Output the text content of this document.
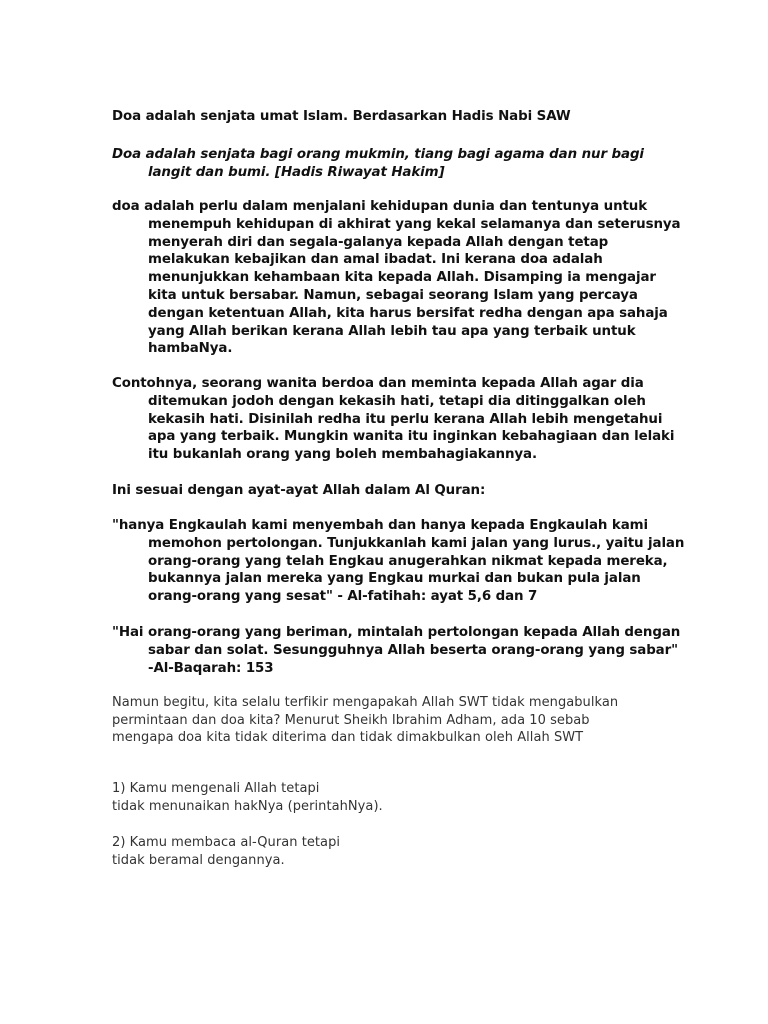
Doa adalah senjata umat Islam. Berdasarkan Hadis Nabi SAW

Doa adalah senjata bagi orang mukmin, tiang bagi agama dan nur bagi langit dan bumi. [Hadis Riwayat Hakim]

doa adalah perlu dalam menjalani kehidupan dunia dan tentunya untuk menempuh kehidupan di akhirat yang kekal selamanya dan seterusnya menyerah diri dan segala-galanya kepada Allah dengan tetap melakukan kebajikan dan amal ibadat. Ini kerana doa adalah menunjukkan kehambaan kita kepada Allah. Disamping ia mengajar kita untuk bersabar. Namun, sebagai seorang Islam yang percaya dengan ketentuan Allah, kita harus bersifat redha dengan apa sahaja yang Allah berikan kerana Allah lebih tau apa yang terbaik untuk hambaNya.

Contohnya, seorang wanita berdoa dan meminta kepada Allah agar dia ditemukan jodoh dengan kekasih hati, tetapi dia ditinggalkan oleh kekasih hati. Disinilah redha itu perlu kerana Allah lebih mengetahui apa yang terbaik. Mungkin wanita itu inginkan kebahagiaan dan lelaki itu bukanlah orang yang boleh membahagiakannya.

Ini sesuai dengan ayat-ayat Allah dalam Al Quran:

"hanya Engkaulah kami menyembah dan hanya kepada Engkaulah kami memohon pertolongan. Tunjukkanlah kami jalan yang lurus., yaitu jalan orang-orang yang telah Engkau anugerahkan nikmat kepada mereka, bukannya jalan mereka yang Engkau murkai dan bukan pula jalan orang-orang yang sesat" - Al-fatihah: ayat 5,6 dan 7

"Hai orang-orang yang beriman, mintalah pertolongan kepada Allah dengan sabar dan solat. Sesungguhnya Allah beserta orang-orang yang sabar" -Al-Baqarah: 153

Namun begitu, kita selalu terfikir mengapakah Allah SWT tidak mengabulkan
permintaan dan doa kita? Menurut Sheikh Ibrahim Adham, ada 10 sebab
mengapa doa kita tidak diterima dan tidak dimakbulkan oleh Allah SWT

1) Kamu mengenali Allah tetapi
tidak menunaikan hakNya (perintahNya).

2) Kamu membaca al-Quran tetapi
tidak beramal dengannya.
